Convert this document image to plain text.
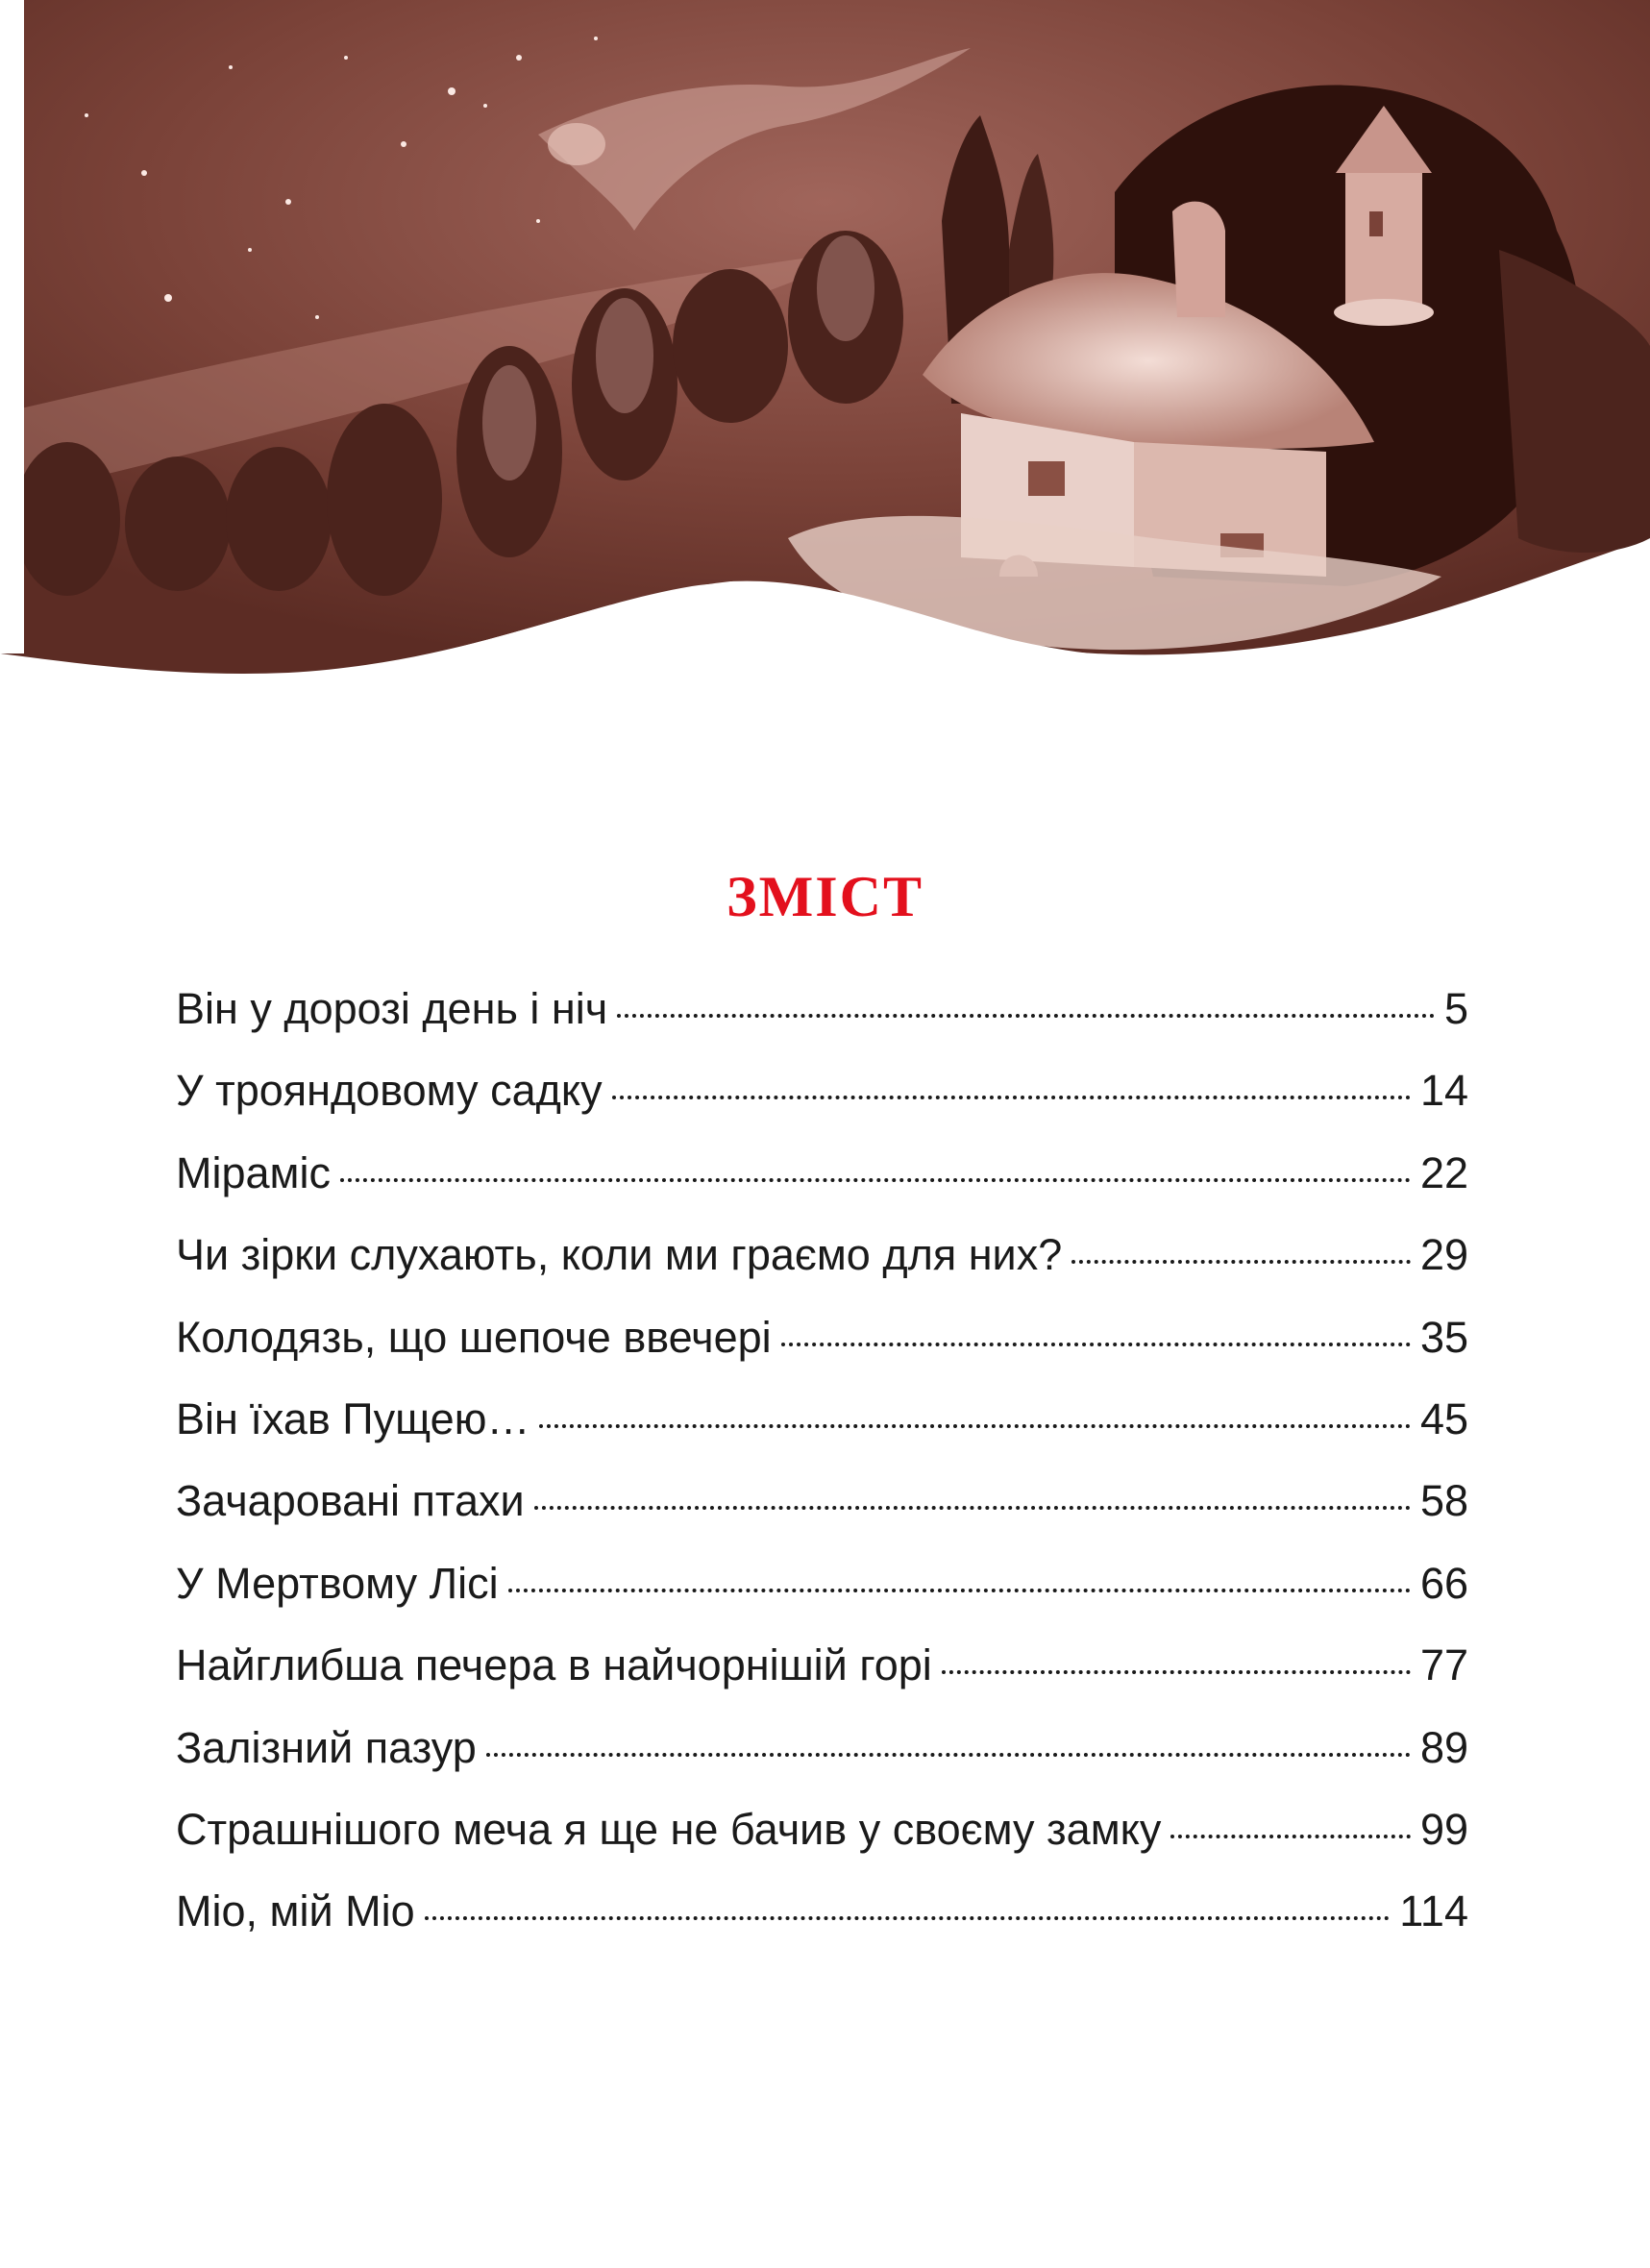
ЗМІСТ
Він у дорозі день і ніч	5
У трояндовому садку	14
Мiрамiс	22
Чи зірки слухають, коли ми граємо для них?	29
Колодязь, що шепоче ввечері	35
Він їхав Пущею…	45
Зачаровані птахи	58
У Мертвому Лісі	66
Найглибша печера в найчорнішій горі	77
Залізний пазур	89
Страшнішого меча я ще не бачив у своєму замку	99
Міо, мій Міо	114
